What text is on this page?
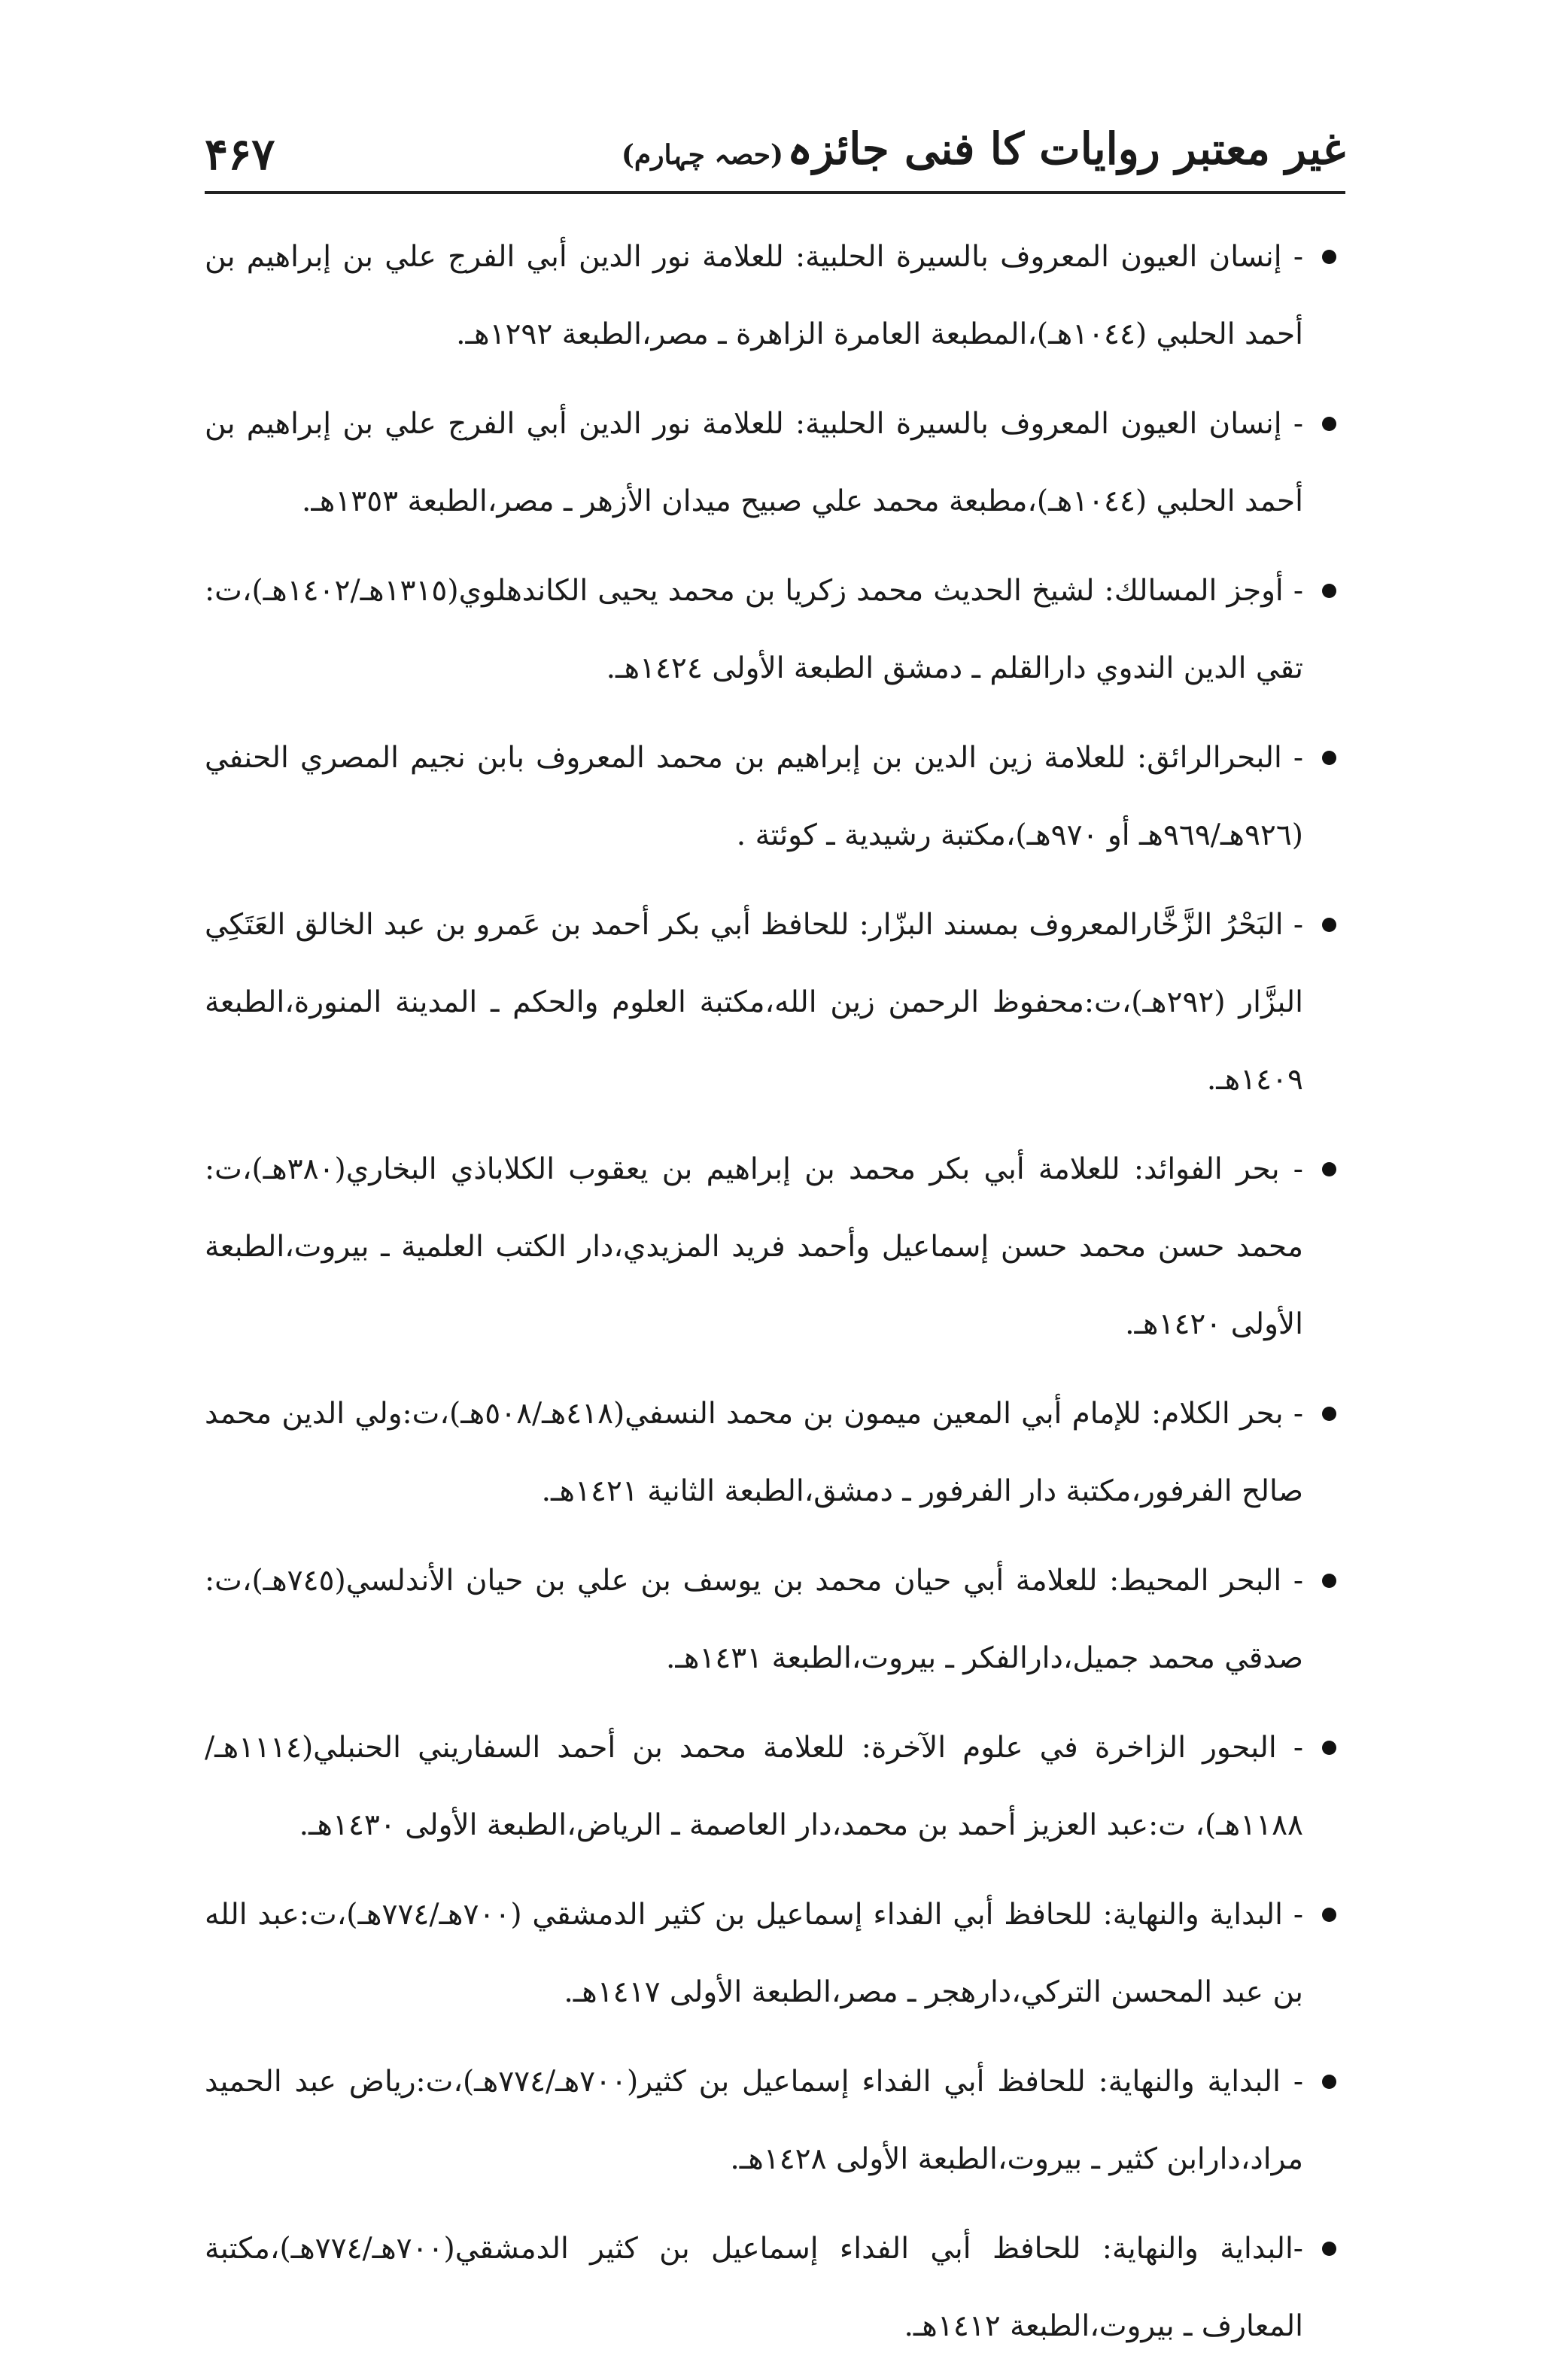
۴۶۷	غیر معتبر روایات کا فنی جائزہ (حصہ چہارم)
- إنسان العيون المعروف بالسيرة الحلبية: للعلامة نور الدين أبي الفرج علي بن إبراهيم بن أحمد الحلبي (١٠٤٤هـ)،المطبعة العامرة الزاهرة ـ مصر،الطبعة ١٢٩٢هـ.
- إنسان العيون المعروف بالسيرة الحلبية: للعلامة نور الدين أبي الفرج علي بن إبراهيم بن أحمد الحلبي (١٠٤٤هـ)،مطبعة محمد علي صبيح ميدان الأزهر ـ مصر،الطبعة ١٣٥٣هـ.
- أوجز المسالك: لشيخ الحديث محمد زكريا بن محمد يحيى الكاندهلوي(١٣١٥هـ/١٤٠٢هـ)،ت: تقي الدين الندوي دارالقلم ـ دمشق الطبعة الأولى ١٤٢٤هـ.
- البحرالرائق: للعلامة زين الدين بن إبراهيم بن محمد المعروف بابن نجيم المصري الحنفي (٩٢٦هـ/٩٦٩هـ أو ٩٧٠هـ)،مكتبة رشيدية ـ كوئتة .
- البَحْرُ الزَّخَّارالمعروف بمسند البزّار: للحافظ أبي بكر أحمد بن عَمرو بن عبد الخالق العَتَكِي البزَّار (٢٩٢هـ)،ت:محفوظ الرحمن زين الله،مكتبة العلوم والحكم ـ المدينة المنورة،الطبعة ١٤٠٩هـ.
- بحر الفوائد: للعلامة أبي بكر محمد بن إبراهيم بن يعقوب الكلاباذي البخاري(٣٨٠هـ)،ت: محمد حسن محمد حسن إسماعيل وأحمد فريد المزيدي،دار الكتب العلمية ـ بيروت،الطبعة الأولى ١٤٢٠هـ.
- بحر الكلام: للإمام أبي المعين ميمون بن محمد النسفي(٤١٨هـ/٥٠٨هـ)،ت:ولي الدين محمد صالح الفرفور،مكتبة دار الفرفور ـ دمشق،الطبعة الثانية ١٤٢١هـ.
- البحر المحيط: للعلامة أبي حيان محمد بن يوسف بن علي بن حيان الأندلسي(٧٤٥هـ)،ت: صدقي محمد جميل،دارالفكر ـ بيروت،الطبعة ١٤٣١هـ.
- البحور الزاخرة في علوم الآخرة: للعلامة محمد بن أحمد السفاريني الحنبلي(١١١٤هـ/١١٨٨هـ)، ت:عبد العزيز أحمد بن محمد،دار العاصمة ـ الرياض،الطبعة الأولى ١٤٣٠هـ.
- البداية والنهاية: للحافظ أبي الفداء إسماعيل بن كثير الدمشقي (٧٠٠هـ/٧٧٤هـ)،ت:عبد الله بن عبد المحسن التركي،دارهجر ـ مصر،الطبعة الأولى ١٤١٧هـ.
- البداية والنهاية: للحافظ أبي الفداء إسماعيل بن كثير(٧٠٠هـ/٧٧٤هـ)،ت:رياض عبد الحميد مراد،دارابن كثير ـ بيروت،الطبعة الأولى ١٤٢٨هـ.
-البداية والنهاية: للحافظ أبي الفداء إسماعيل بن كثير الدمشقي(٧٠٠هـ/٧٧٤هـ)،مكتبة المعارف ـ بيروت،الطبعة ١٤١٢هـ.
